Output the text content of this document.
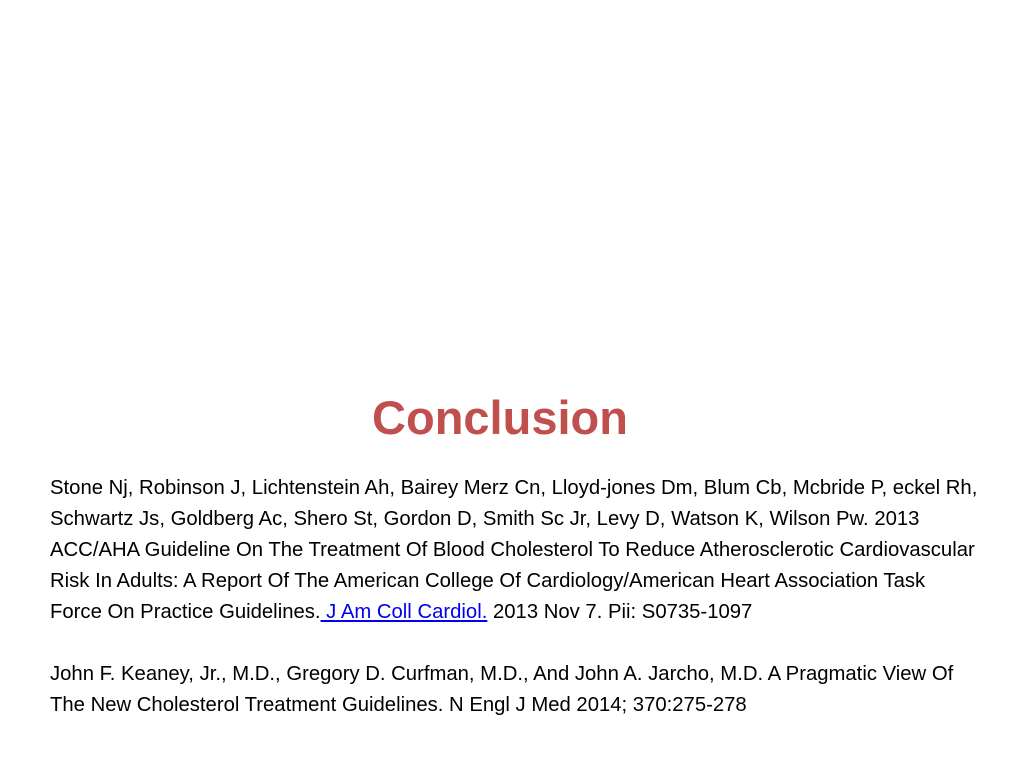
Conclusion

Stone Nj, Robinson J, Lichtenstein Ah, Bairey Merz Cn, Lloyd-jones Dm, Blum Cb, Mcbride P, eckel Rh, Schwartz Js, Goldberg Ac, Shero St, Gordon D, Smith Sc Jr, Levy D, Watson K, Wilson Pw. 2013 ACC/AHA Guideline On The Treatment Of Blood Cholesterol To Reduce Atherosclerotic Cardiovascular Risk In Adults: A Report Of The American College Of Cardiology/American Heart Association Task Force On Practice Guidelines. J Am Coll Cardiol. 2013 Nov 7. Pii: S0735-1097

John F. Keaney, Jr., M.D., Gregory D. Curfman, M.D., And John A. Jarcho, M.D. A Pragmatic View Of The New Cholesterol Treatment Guidelines. N Engl J Med 2014; 370:275-278
